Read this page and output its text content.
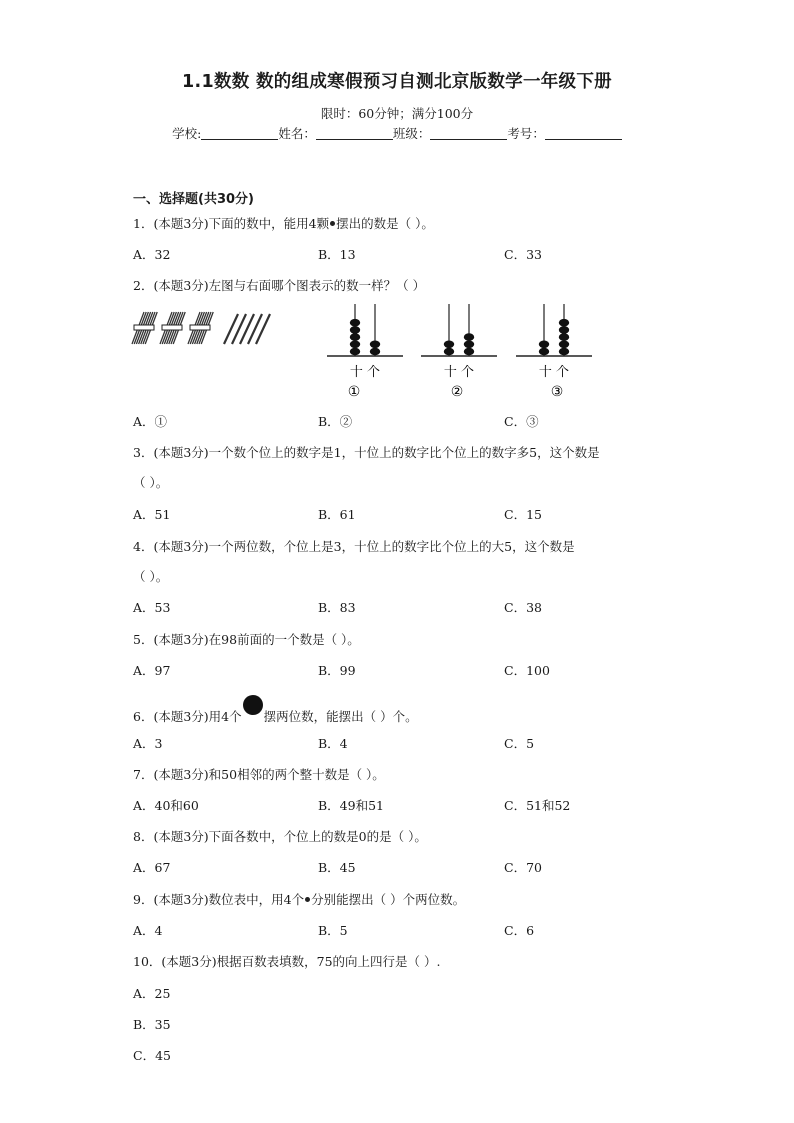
1.1数数 数的组成寒假预习自测北京版数学一年级下册
限时：60分钟；满分100分
学校:	姓名：	班级：	考号：
一、选择题(共30分)
1．(本题3分)下面的数中，能用4颗 摆出的数是（ ）。
A．32	B．13	C．33
2．(本题3分)左图与右面哪个图表示的数一样？（ ）
十 个	十 个	十 个
①	②	③
A．①	B．②	C．③
3．(本题3分)一个数个位上的数字是1，十位上的数字比个位上的数字多5，这个数是
（ ）。
A．51	B．61	C．15
4．(本题3分)一个两位数，个位上是3，十位上的数字比个位上的大5，这个数是
（ ）。
A．53	B．83	C．38
5．(本题3分)在98前面的一个数是（ ）。
A．97	B．99	C．100
6．(本题3分)用4个 摆两位数，能摆出（ ）个。
A．3	B．4	C．5
7．(本题3分)和50相邻的两个整十数是（ ）。
A．40和60	B．49和51	C．51和52
8．(本题3分)下面各数中，个位上的数是0的是（ ）。
A．67	B．45	C．70
9．(本题3分)数位表中，用4个 分别能摆出（ ）个两位数。
A．4	B．5	C．6
10．(本题3分)根据百数表填数，75的向上四行是（ ）.
A．25
B．35
C．45
